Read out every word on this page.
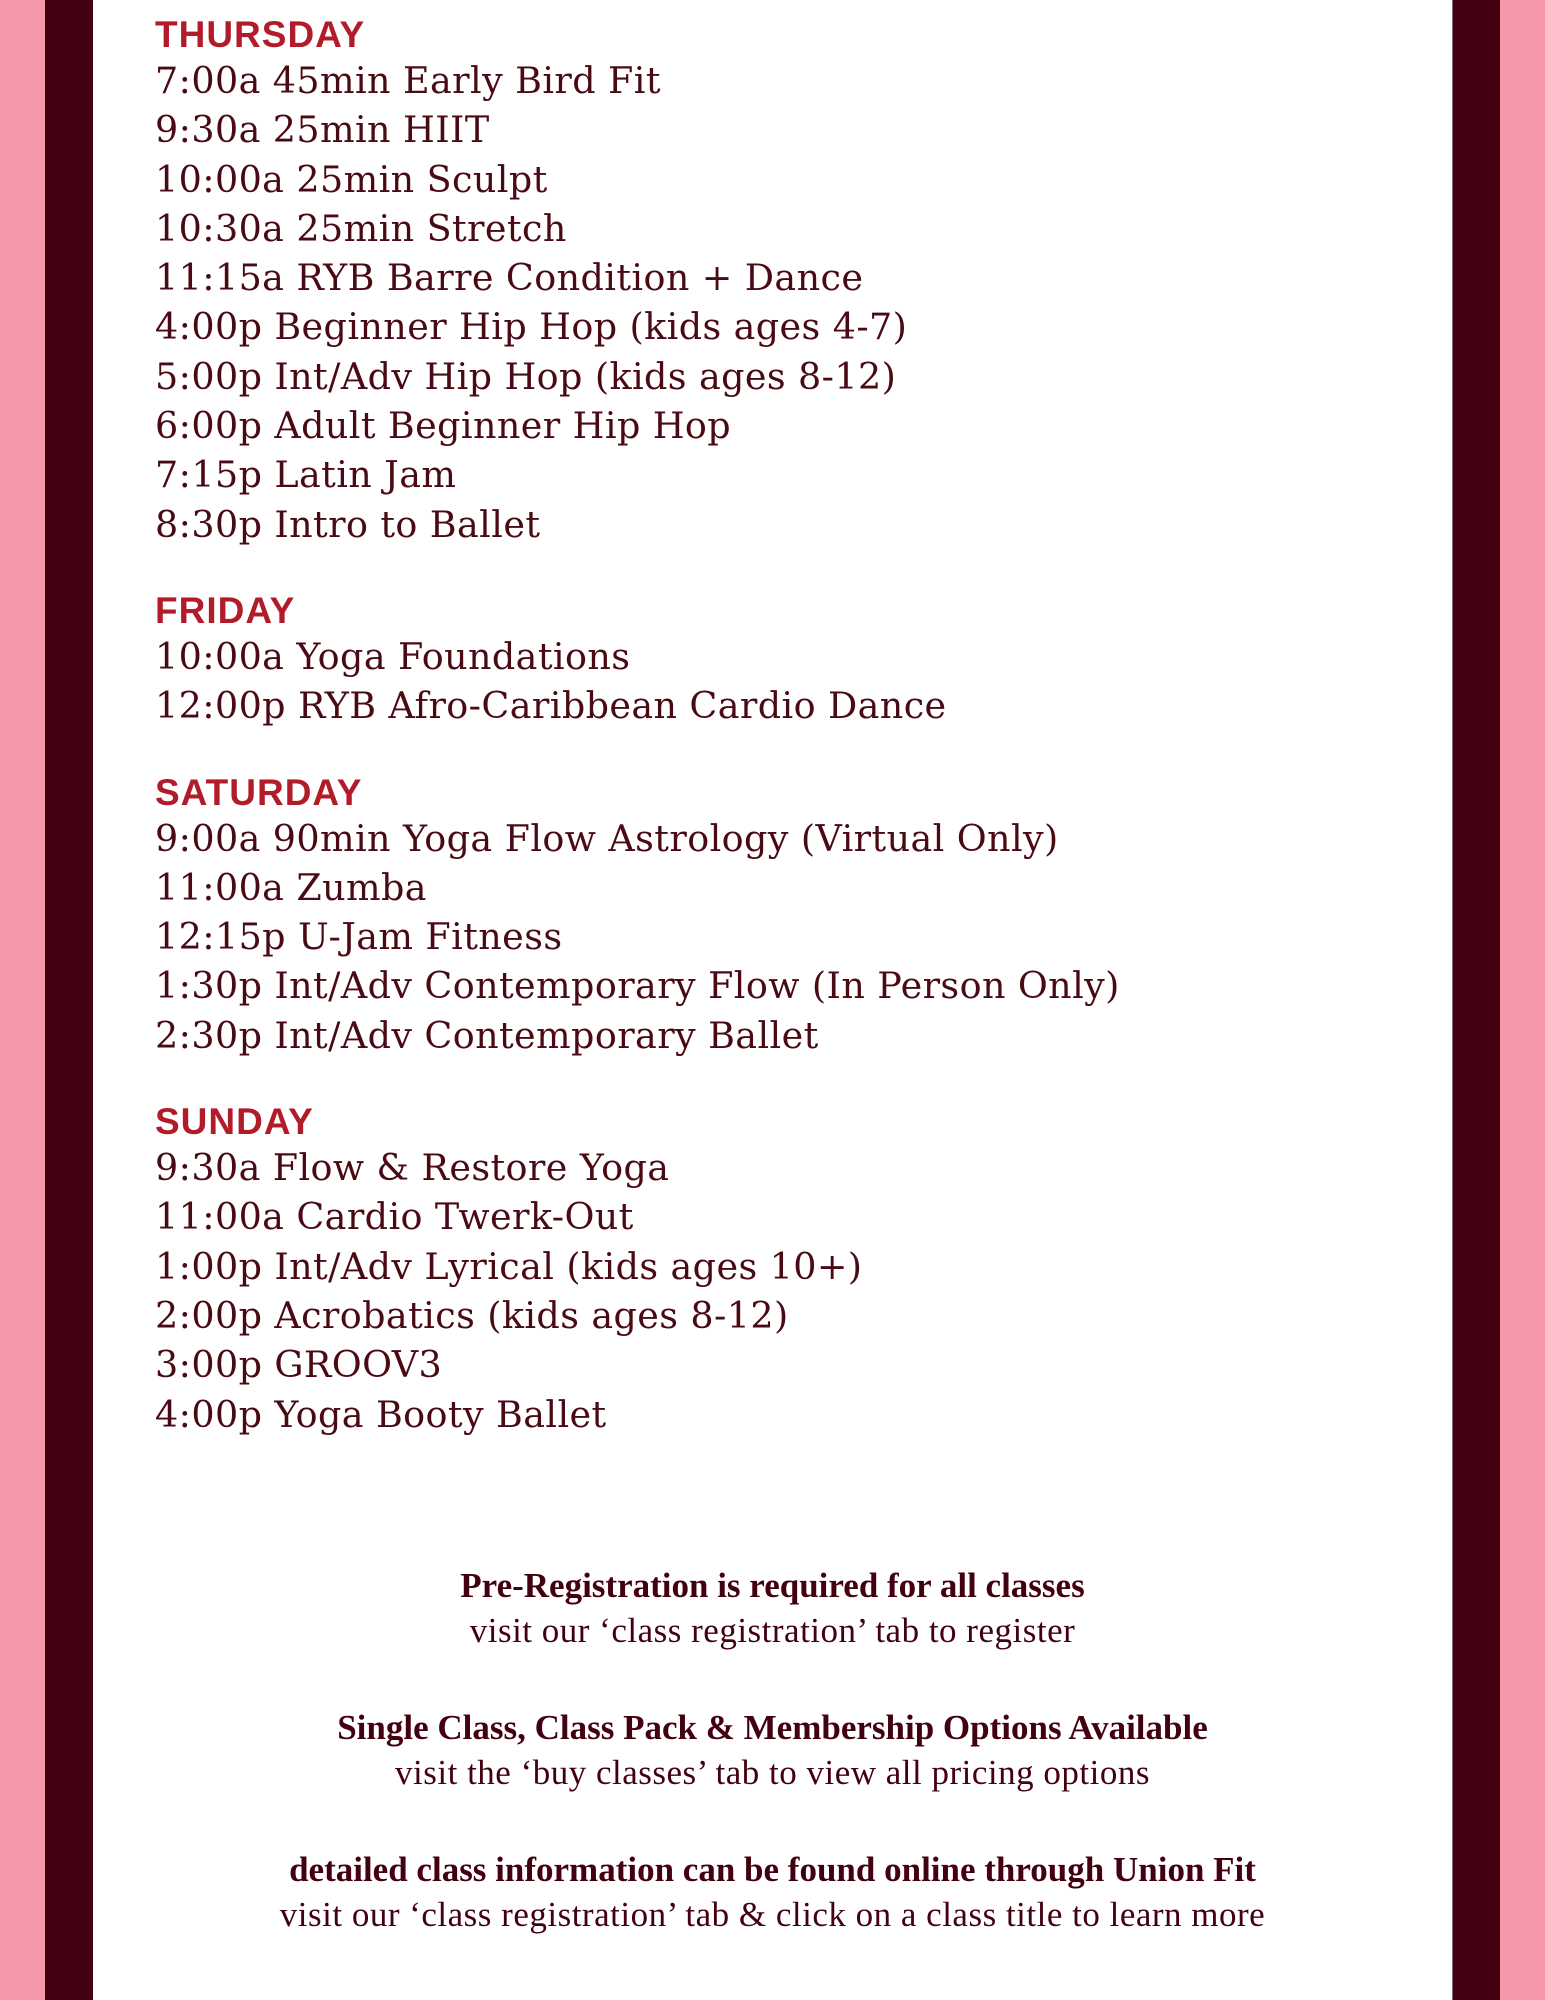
THURSDAY
7:00a 45min Early Bird Fit
9:30a 25min HIIT
10:00a 25min Sculpt
10:30a 25min Stretch
11:15a RYB Barre Condition + Dance
4:00p Beginner Hip Hop (kids ages 4-7)
5:00p Int/Adv Hip Hop (kids ages 8-12)
6:00p Adult Beginner Hip Hop
7:15p Latin Jam
8:30p Intro to Ballet
FRIDAY
10:00a Yoga Foundations
12:00p RYB Afro-Caribbean Cardio Dance
SATURDAY
9:00a 90min Yoga Flow Astrology (Virtual Only)
11:00a Zumba
12:15p U-Jam Fitness
1:30p Int/Adv Contemporary Flow (In Person Only)
2:30p Int/Adv Contemporary Ballet
SUNDAY
9:30a Flow & Restore Yoga
11:00a Cardio Twerk-Out
1:00p Int/Adv Lyrical (kids ages 10+)
2:00p Acrobatics (kids ages 8-12)
3:00p GROOV3
4:00p Yoga Booty Ballet
Pre-Registration is required for all classes
visit our ‘class registration’ tab to register
Single Class, Class Pack & Membership Options Available
visit the ‘buy classes’ tab to view all pricing options
detailed class information can be found online through Union Fit
visit our ‘class registration’ tab & click on a class title to learn more
